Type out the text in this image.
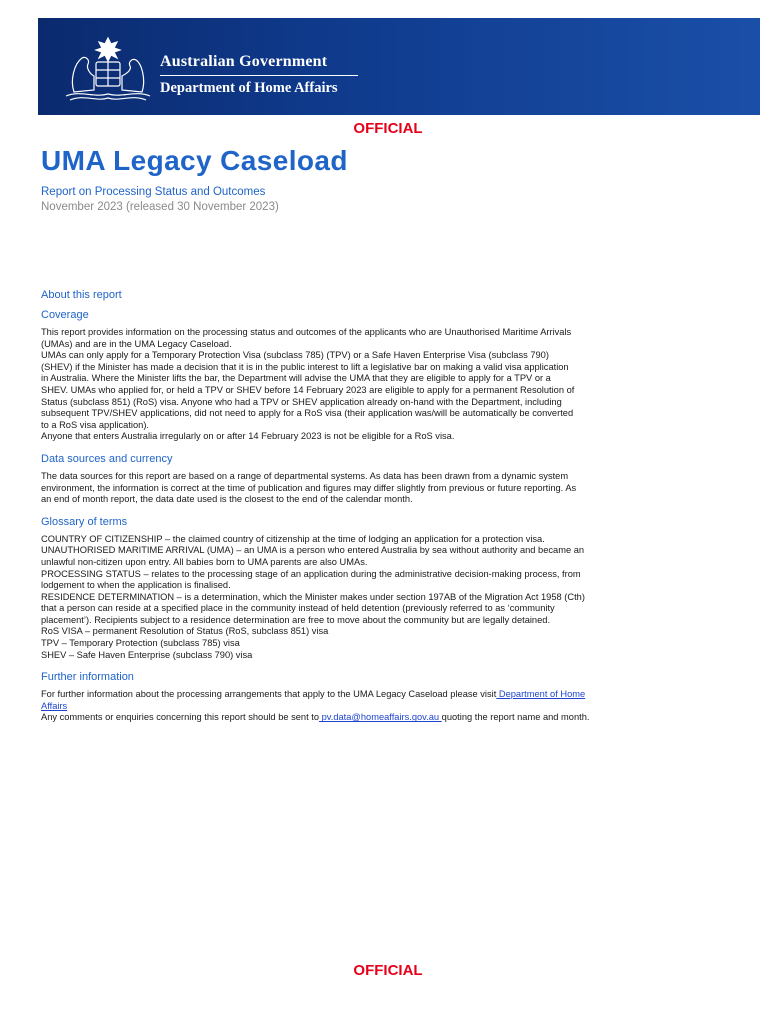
Australian Government
Department of Home Affairs
OFFICIAL
UMA Legacy Caseload
Report on Processing Status and Outcomes
November 2023 (released 30 November 2023)
About this report
Coverage

This report provides information on the processing status and outcomes of the applicants who are Unauthorised Maritime Arrivals
(UMAs) and are in the UMA Legacy Caseload.
UMAs can only apply for a Temporary Protection Visa (subclass 785) (TPV) or a Safe Haven Enterprise Visa (subclass 790)
(SHEV) if the Minister has made a decision that it is in the public interest to lift a legislative bar on making a valid visa application
in Australia. Where the Minister lifts the bar, the Department will advise the UMA that they are eligible to apply for a TPV or a
SHEV. UMAs who applied for, or held a TPV or SHEV before 14 February 2023 are eligible to apply for a permanent Resolution of
Status (subclass 851) (RoS) visa. Anyone who had a TPV or SHEV application already on-hand with the Department, including
subsequent TPV/SHEV applications, did not need to apply for a RoS visa (their application was/will be automatically be converted
to a RoS visa application).
Anyone that enters Australia irregularly on or after 14 February 2023 is not be eligible for a RoS visa.

Data sources and currency

The data sources for this report are based on a range of departmental systems. As data has been drawn from a dynamic system
environment, the information is correct at the time of publication and figures may differ slightly from previous or future reporting. As
an end of month report, the data date used is the closest to the end of the calendar month.

Glossary of terms

COUNTRY OF CITIZENSHIP – the claimed country of citizenship at the time of lodging an application for a protection visa.
UNAUTHORISED MARITIME ARRIVAL (UMA) – an UMA is a person who entered Australia by sea without authority and became an
unlawful non-citizen upon entry. All babies born to UMA parents are also UMAs.
PROCESSING STATUS – relates to the processing stage of an application during the administrative decision-making process, from
lodgement to when the application is finalised.
RESIDENCE DETERMINATION – is a determination, which the Minister makes under section 197AB of the Migration Act 1958 (Cth)
that a person can reside at a specified place in the community instead of held detention (previously referred to as ‘community
placement’). Recipients subject to a residence determination are free to move about the community but are legally detained.
RoS VISA – permanent Resolution of Status (RoS, subclass 851) visa
TPV – Temporary Protection (subclass 785) visa
SHEV – Safe Haven Enterprise (subclass 790) visa

Further information

For further information about the processing arrangements that apply to the UMA Legacy Caseload please visit Department of Home
Affairs
Any comments or enquiries concerning this report should be sent to pv.data@homeaffairs.gov.au quoting the report name and month.

OFFICIAL
